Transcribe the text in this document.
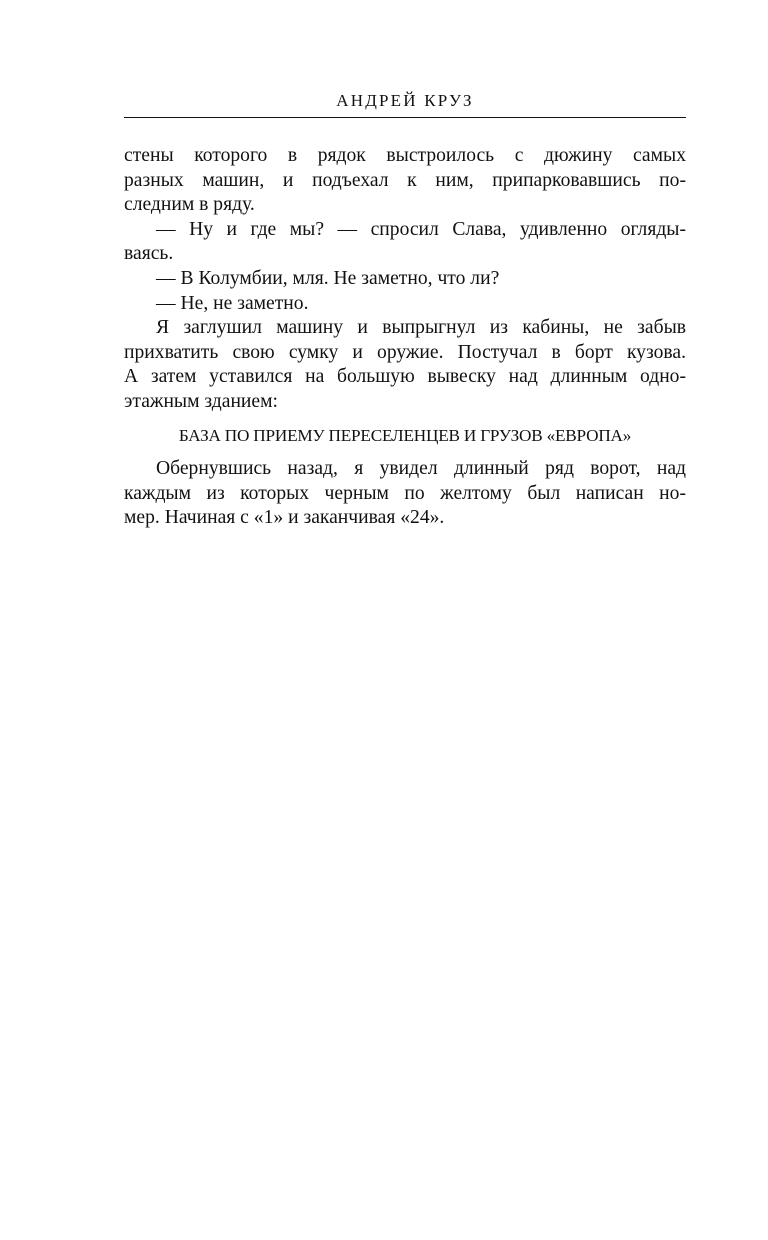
АНДРЕЙ КРУЗ

стены которого в рядок выстроилось с дюжину самых
разных машин, и подъехал к ним, припарковавшись по-
следним в ряду.

— Ну и где мы? — спросил Слава, удивленно огляды-
ваясь.

— В Колумбии, мля. Не заметно, что ли?

— Не, не заметно.

Я заглушил машину и выпрыгнул из кабины, не забыв
прихватить свою сумку и оружие. Постучал в борт кузова.
А затем уставился на большую вывеску над длинным одно-
этажным зданием:

БАЗА ПО ПРИЕМУ ПЕРЕСЕЛЕНЦЕВ И ГРУЗОВ «ЕВРОПА»

Обернувшись назад, я увидел длинный ряд ворот, над
каждым из которых черным по желтому был написан но-
мер. Начиная с «1» и заканчивая «24».
